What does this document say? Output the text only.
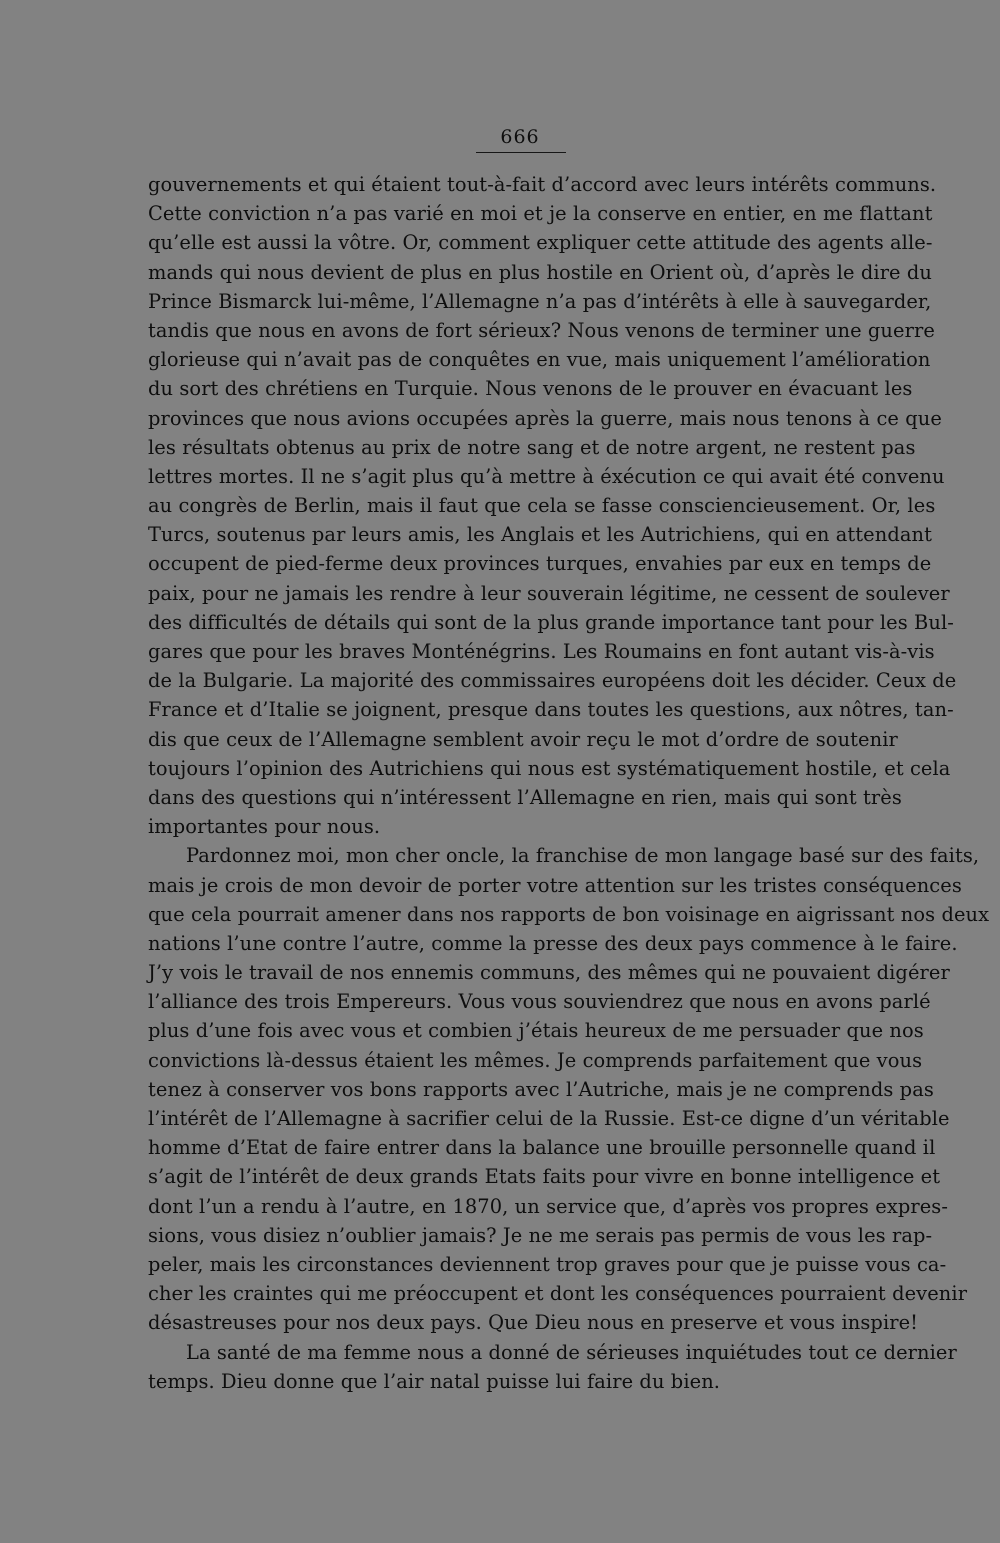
666
gouvernements et qui étaient tout-à-fait d’accord avec leurs intérêts communs.
Cette conviction n’a pas varié en moi et je la conserve en entier, en me flattant
qu’elle est aussi la vôtre. Or, comment expliquer cette attitude des agents alle-
mands qui nous devient de plus en plus hostile en Orient où, d’après le dire du
Prince Bismarck lui-même, l’Allemagne n’a pas d’intérêts à elle à sauvegarder,
tandis que nous en avons de fort sérieux? Nous venons de terminer une guerre
glorieuse qui n’avait pas de conquêtes en vue, mais uniquement l’amélioration
du sort des chrétiens en Turquie. Nous venons de le prouver en évacuant les
provinces que nous avions occupées après la guerre, mais nous tenons à ce que
les résultats obtenus au prix de notre sang et de notre argent, ne restent pas
lettres mortes. Il ne s’agit plus qu’à mettre à éxécution ce qui avait été convenu
au congrès de Berlin, mais il faut que cela se fasse consciencieusement. Or, les
Turcs, soutenus par leurs amis, les Anglais et les Autrichiens, qui en attendant
occupent de pied-ferme deux provinces turques, envahies par eux en temps de
paix, pour ne jamais les rendre à leur souverain légitime, ne cessent de soulever
des difficultés de détails qui sont de la plus grande importance tant pour les Bul-
gares que pour les braves Monténégrins. Les Roumains en font autant vis-à-vis
de la Bulgarie. La majorité des commissaires européens doit les décider. Ceux de
France et d’Italie se joignent, presque dans toutes les questions, aux nôtres, tan-
dis que ceux de l’Allemagne semblent avoir reçu le mot d’ordre de soutenir
toujours l’opinion des Autrichiens qui nous est systématiquement hostile, et cela
dans des questions qui n’intéressent l’Allemagne en rien, mais qui sont très
importantes pour nous.
Pardonnez moi, mon cher oncle, la franchise de mon langage basé sur des faits,
mais je crois de mon devoir de porter votre attention sur les tristes conséquences
que cela pourrait amener dans nos rapports de bon voisinage en aigrissant nos deux
nations l’une contre l’autre, comme la presse des deux pays commence à le faire.
J’y vois le travail de nos ennemis communs, des mêmes qui ne pouvaient digérer
l’alliance des trois Empereurs. Vous vous souviendrez que nous en avons parlé
plus d’une fois avec vous et combien j’étais heureux de me persuader que nos
convictions là-dessus étaient les mêmes. Je comprends parfaitement que vous
tenez à conserver vos bons rapports avec l’Autriche, mais je ne comprends pas
l’intérêt de l’Allemagne à sacrifier celui de la Russie. Est-ce digne d’un véritable
homme d’Etat de faire entrer dans la balance une brouille personnelle quand il
s’agit de l’intérêt de deux grands Etats faits pour vivre en bonne intelligence et
dont l’un a rendu à l’autre, en 1870, un service que, d’après vos propres expres-
sions, vous disiez n’oublier jamais? Je ne me serais pas permis de vous les rap-
peler, mais les circonstances deviennent trop graves pour que je puisse vous ca-
cher les craintes qui me préoccupent et dont les conséquences pourraient devenir
désastreuses pour nos deux pays. Que Dieu nous en preserve et vous inspire!
La santé de ma femme nous a donné de sérieuses inquiétudes tout ce dernier
temps. Dieu donne que l’air natal puisse lui faire du bien.
